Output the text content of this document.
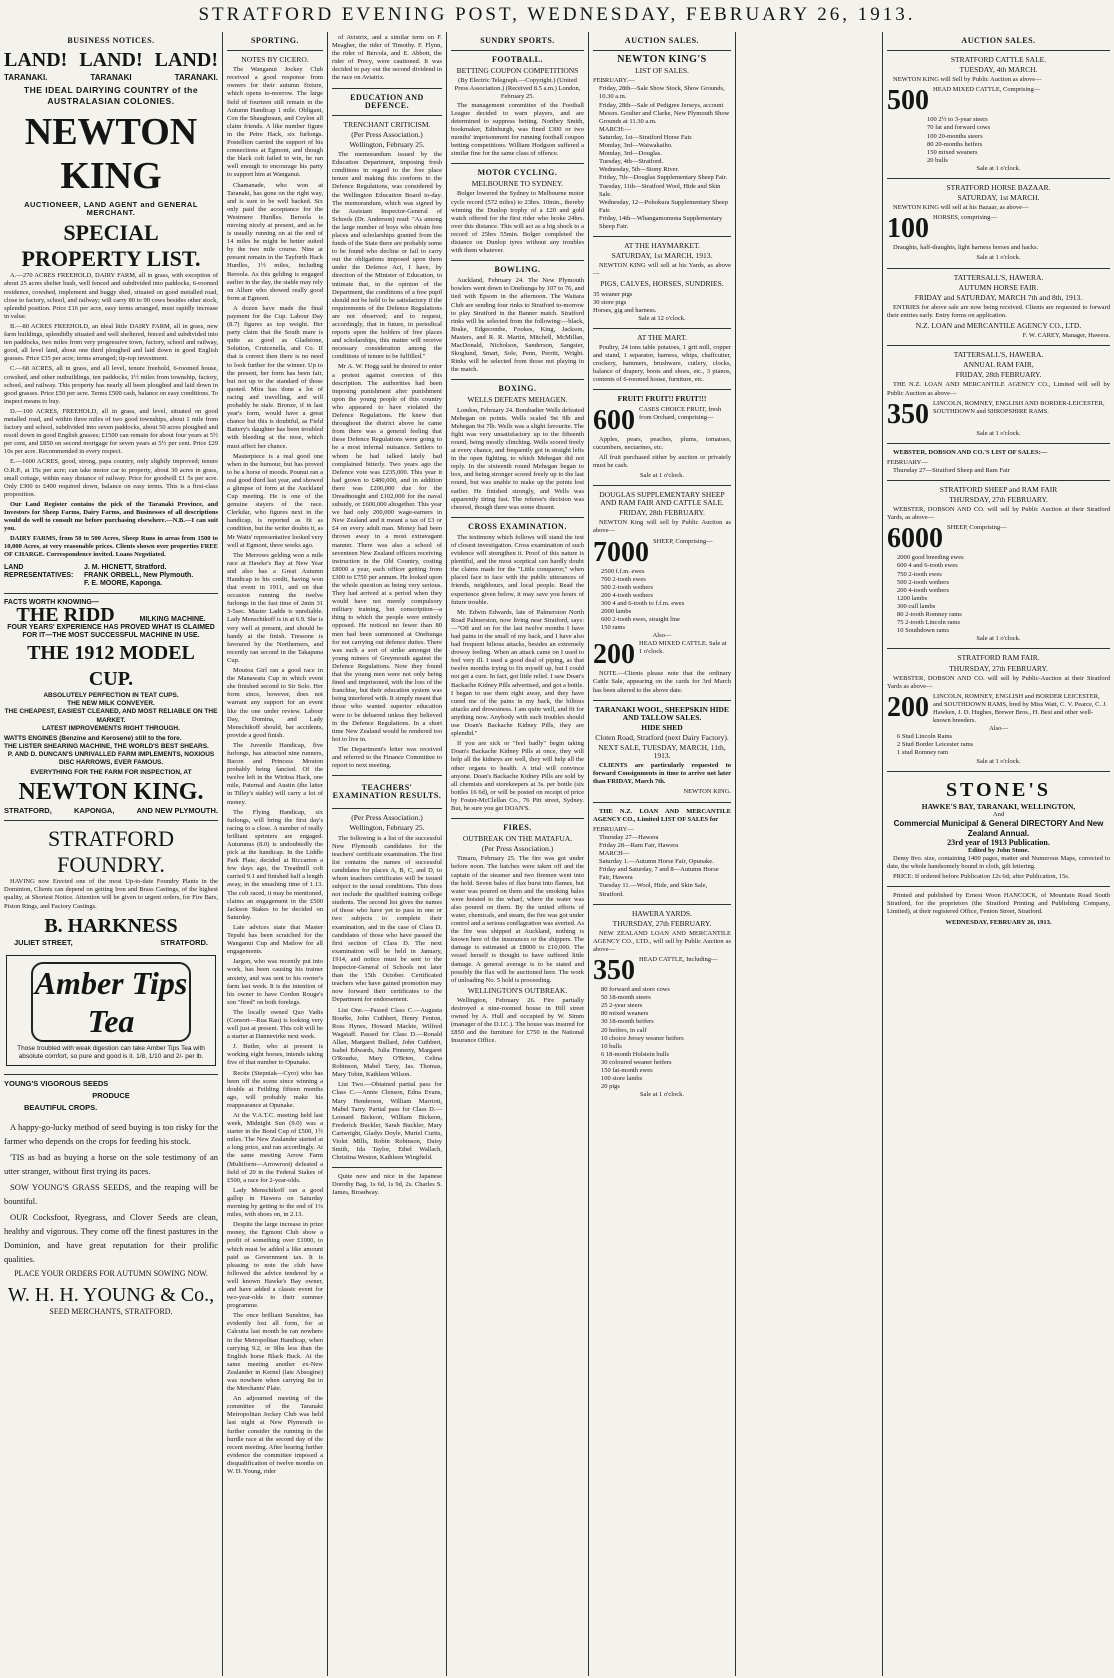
STRATFORD EVENING POST, WEDNESDAY, FEBRUARY 26, 1913.
BUSINESS NOTICES.
LAND! LAND! LAND!
TARANAKI.	TARANAKI	TARANAKI.
THE IDEAL DAIRYING COUNTRY of the AUSTRALASIAN COLONIES.
NEWTON KING
AUCTIONEER, LAND AGENT and GENERAL MERCHANT.
SPECIAL PROPERTY LIST.
A.—270 ACRES FREEHOLD, DAIRY FARM, all in grass, with exception of about 25 acres shelter bush, well fenced and subdivided into paddocks, 6-roomed residence, cowshed, implement and buggy shed, situated on good metalled road, close to factory, school, and railway; will carry 80 to 90 cows besides other stock, splendid position. Price £16 per acre, easy terms arranged, must rapidly increase in value.
B.—80 ACRES FREEHOLD, an ideal little DAIRY FARM, all in grass, new farm buildings, splendidly situated and well sheltered, fenced and subdivided into ten paddocks, two miles from very progressive town, factory, school and railway, good, all level land, about one third ploughed and laid down in good English grasses. Price £35 per acre; terms arranged; tip-top investment.
C.—68 ACRES, all in grass, and all level, tenure freehold, 6-roomed house, cowshed, and other outbuildings, ten paddocks, 1½ miles from township, factory, school, and railway. This property has nearly all been ploughed and laid down in good grasses. Price £50 per acre. Terms £500 cash, balance on easy conditions. To inspect means to buy.
D.—100 ACRES, FREEHOLD, all in grass, and level, situated on good metalled road, and within three miles of two good townships, about 1 mile from factory and school, subdivided into seven paddocks, about 50 acres ploughed and resoil down in good English grasses; £1500 can remain for about four years at 5½ per cent, and £850 on second mortgage for seven years at 5½ per cent. Price £29 10s per acre. Recommended in every respect.
E.—1600 ACRES, good, strong, papa country, only slightly improved; tenure O.R.P., at 15s per acre; can take motor car to property, about 30 acres in grass, small cottage, within easy distance of railway. Price for goodwill £1 5s per acre. Only £300 to £400 required down, balance on easy terms. This is a first-class proposition.
Our Land Register contains the pick of the Taranaki Province, and Investors for Sheep Farms, Dairy Farms, and Businesses of all descriptions would do well to consult me before purchasing elsewhere.—N.B.—I can suit you.
DAIRY FARMS, from 50 to 500 Acres, Sheep Runs in areas from 1500 to 10,000 Acres, at very reasonable prices. Clients shown over properties FREE OF CHARGE. Correspondence invited. Loans Negotiated.
LAND REPRESENTATIVES:
J. M. HICNETT, Stratford.
FRANK ORBELL, New Plymouth.
F. E. MOORE, Kaponga.
FACTS WORTH KNOWING—
THE RIDD	MILKING MACHINE.
FOUR YEARS' EXPERIENCE HAS PROVED WHAT IS CLAIMED FOR IT—THE MOST SUCCESSFUL MACHINE IN USE.
THE 1912 MODEL CUP.
ABSOLUTELY PERFECTION IN TEAT CUPS.
THE NEW MILK CONVEYER.
THE CHEAPEST, EASIEST CLEANED, AND MOST RELIABLE ON THE MARKET.
LATEST IMPROVEMENTS RIGHT THROUGH.
WATTS ENGINES (Benzine and Kerosene) still to the fore.
THE LISTER SHEARING MACHINE, THE WORLD'S BEST SHEARS.
P. AND D. DUNCAN'S UNRIVALLED FARM IMPLEMENTS, NOXIOUS DISC HARROWS, EVER FAMOUS.
EVERYTHING FOR THE FARM FOR INSPECTION, AT
NEWTON KING.
STRATFORD,	KAPONGA,	AND NEW PLYMOUTH.
STRATFORD FOUNDRY.
HAVING now Erected one of the most Up-to-date Foundry Plants in the Dominion, Clients can depend on getting Iron and Brass Castings, of the highest quality, at Shortest Notice. Attention will be given to urgent orders, for Fire Bars, Piston Rings, and Factory Castings.
B. HARKNESS
JULIET STREET,	STRATFORD.
Amber Tips Tea
Those troubled with weak digestion can take Amber Tips Tea with absolute comfort, so pure and good is it. 1/8, 1/10 and 2/- per lb.
YOUNG'S VIGOROUS SEEDS
PRODUCE
BEAUTIFUL CROPS.
A happy-go-lucky method of seed buying is too risky for the farmer who depends on the crops for feeding his stock.
'TIS as bad as buying a horse on the sole testimony of an utter stranger, without first trying its paces.
SOW YOUNG'S GRASS SEEDS, and the reaping will be bountiful.
OUR Cocksfoot, Ryegrass, and Clover Seeds are clean, healthy and vigorous. They come off the finest pastures in the Dominion, and have great reputation for their prolific qualities.
PLACE YOUR ORDERS FOR AUTUMN SOWING NOW.
W. H. H. YOUNG & Co.,
SEED MERCHANTS, STRATFORD.
SPORTING.
NOTES BY CICERO.
The Wanganui Jockey Club received a good response from owners for their autumn fixture, which opens to-morrow. The large field of fourteen still remain in the Autumn Handicap 1 mile. Obligant, Con the Shaughraun, and Ceylon all claim friends. A like number figure in the Petre Hack, six furlongs. Postellion carried the support of his connections at Egmont, and though the black colt failed to win, he ran well enough to encourage his party to support him at Wanganui.
Chamanade, who won at Taranaki, has gone on the right way, and is sure to be well backed. Six only paid the acceptance for the Westmere Hurdles. Beroola is moving nicely at present, and as he is usually running on at the end of 14 miles he might be better suited by the two mile course. Nine at present remain in the Tayforth Hack Hurdles, 1½ miles, including Beroola. As this gelding is engaged earlier in the day, the stable may rely on Allure who showed really good form at Egmont.
A dozen have made the final payment for the Cup. Labour Day (8.7) figures as top weight. Her party claim that the South mare is quite as good as Gladstone, Solution, Cruicenella, and Co. If that is correct then there is no need to look further for the winner. Up to the present, her form has been fair, but not up to the standard of those quoted. Mira has done a lot of racing and travelling, and will probably be stale. Bronze, if in last year's form, would have a great chance but this is doubtful, as Field Battery's daughter has been troubled with bleeding at the nose, which must affect her chance.
Masterpiece is a real good one when in the humour, but has proved to be a horse of moods. Pounui ran a real good third last year, and showed a glimpse of form at the Auckland Cup meeting. He is one of the genuine stayers of the race. Clerkdar, who figures next in the handicap, is reported as fit as condition, but the writer doubts it, as Mr Watts' representative looked very well at Egmont, three weeks ago.
The Merrows gelding won a mile race at Hawke's Bay at New Year and also has a Great Autumn Handicap to his credit, having won that event in 1911, and on that occasion running the twelve furlongs in the fast time of 2min 31 3-5sec. Master Ladde is unreliable. Lady Menschikoff is in at 6.9. She is very well at present, and should be handy at the finish. Tressone is favoured by the Northerners, and recently ran second in the Takapuna Cup.
Moutoa Girl ran a good race in the Manawatu Cup in which event she finished second to Sir Solo. Her form since, however, does not warrant any support for an event like the one under review. Labour Day, Domina, and Lady Menschikoff should, bar accidents, provide a good finish.
The Juvenile Handicap, five furlongs, has attracted nine runners, Bacon and Princess Mouton probably being fancied. Of the twelve left in the Wiritoa Hack, one mile, Paternal and Austin (the latter in Tilley's stable) will carry a lot of money.
The Flying Handicap, six furlongs, will bring the first day's racing to a close. A number of really brilliant sprinters are engaged. Autumnus (8.0) is undoubtedly the pick at the handicap. In the Liddle Park Plate, decided at Riccarton a few days ago, the Treadmill colt carried 9.1 and finished half a length away, in the smashing time of 1.13. The colt raced, it may be mentioned, claims an engagement in the £500 Jackson Stakes to be decided on Saturday.
Late advices state that Master Tepuhi has been scratched for the Wanganui Cup and Matlow for all engagements.
Jargon, who was recently put into work, has been causing his trainer anxiety, and was sent to his owner's farm last week. It is the intention of his owner to have Cordon Rouge's son "fired" on both forelegs.
The locally owned Quo Vadis (Consort—Rua Rau) is looking very well just at present. This colt will be a starter at Dannevirke next week.
J. Butler, who at present is working eight horses, intends taking five of that number to Opunake.
Recite (Stepniak—Cyro) who has been off the scene since winning a double at Feilding fifteen months ago, will probably make his reappearance at Opunake.
At the V.A.T.C. meeting held last week, Midnight Sun (9.0) was a starter in the Bond Cup of £500, 1½ miles. The New Zealander started at a long price, and ran accordingly. At the same meeting Arrow Farm (Multiform—Arrowroot) defeated a field of 20 in the Federal Stakes of £500, a race for 2-year-olds.
Lady Menschikoff ran a good gallop in Hawera on Saturday morning by getting to the end of 1¼ miles, with shoes on, in 2.13.
Despite the large increase in prize money, the Egmont Club show a profit of something over £1000, to which must be added a like amount paid as Government tax. It is pleasing to note the club have followed the advice tendered by a well known Hawke's Bay owner, and have added a classic event for two-year-olds to their summer programme.
The once brilliant Sunshine, has evidently lost all form, for at Calcutta last month he ran nowhere in the Metropolitan Handicap, when carrying 9.2, or 9lbs less than the English horse Black Buck. At the same meeting another ex-New Zealander in Kernel (late Absogine) was nowhere when carrying 8st in the Merchants' Plate.
An adjourned meeting of the committee of the Taranaki Metropolitan Jockey Club was held last night at New Plymouth to further consider the running in the hurdle race at the second day of the recent meeting. After hearing further evidence the committee imposed a disqualification of twelve months on W. D. Young, rider
of Avistrix, and a similar term on F. Meagher, the rider of Timothy. F. Flynn, the rider of Bercola, and E. Abbott, the rider of Precy, were cautioned. It was decided to pay out the second dividend in the race on Aviatrix.
EDUCATION AND DEFENCE.
TRENCHANT CRITICISM.
(Per Press Association.)
Wellington, February 25.
The memorandum issued by the Education Department, imposing fresh conditions in regard to the free place tenure and making this conform to the Defence Regulations, was considered by the Wellington Education Board to-day. The memorandum, which was signed by the Assistant Inspector-General of Schools (Dr. Anderson) read: "As among the large number of boys who obtain free places and scholarships granted from the funds of the State there are probably some to be found who decline or fail to carry out the obligations imposed upon them under the Defence Act, I have, by direction of the Minister of Education, to intimate that, in the opinion of the Department, the conditions of a free pupil should not be held to be satisfactory if the requirements of the Defence Regulations are not observed; and to request, accordingly, that in future, in periodical reports upon the holders of free places and scholarships, this matter will receive necessary consideration among the conditions of tenure to be fulfilled."
Mr A. W. Hogg said he desired to enter a protest against coercion of this description. The authorities had been imposing punishment after punishment upon the young people of this country who appeared to have violated the Defence Regulations. He knew that throughout the district above he came from there was a general feeling that these Defence Regulations were going to be a most infernal nuisance. Settlers to whom he had talked lately had complained bitterly. Two years ago the Defence vote was £235,000. This year it had grown to £480,000, and in addition there was £200,000 due for the Dreadnought and £102,000 for the naval subsidy, or £600,000 altogether. This year we had only 200,000 wage-earners in New Zealand and it meant a tax of £3 or £4 on every adult man. Money had been thrown away in a most extravagant manner. There was also a school of seventeen New Zealand officers receiving instruction in the Old Country, costing £8000 a year, each officer getting from £300 to £750 per annum. He looked upon the whole question as being very serious. They had arrived at a period when they would have not merely compulsory military training, but conscription—a thing to which the people were entirely opposed. He noticed no fewer than 80 men had been summoned at Onehunga for not carrying out defence duties. There was such a sort of strike amongst the young miners of Greymouth against the Defence Regulations. Now they found that the young men were not only being fined and imprisoned, with the loss of the franchise, but their education system was being interfered with. It simply meant that those who wanted superior education were to be debarred unless they believed in the Defence Regulations. In a short time New Zealand would be rendered too hot to live in.
The Department's letter was received and referred to the Finance Committee to report to next meeting.
TEACHERS' EXAMINATION RESULTS.
(Per Press Association.)
Wellington, February 25.
The following is a list of the successful New Plymouth candidates for the teachers' certificate examination. The first list contains the names of successful candidates for places A, B, C, and D, to whom teachers certificates will be issued subject to the usual conditions. This does not include the qualified training college students. The second list gives the names of those who have yet to pass in one or two subjects to complete their examination, and in the case of Class D. candidates of those who have passed the first section of Class D. The next examination will be held in January, 1914, and notice must be sent to the Inspector-General of Schools not later than the 15th October. Certificated teachers who have gained promotion may now forward their certificates to the Department for endorsement.
List One.—Passed Class C.—Augusta Bourke, John Cuthbert, Henry Fenton, Ross Hynes, Howard Mackie, Wilfred Wagstaff. Passed for Class D.—Ronald Allan, Margaret Bullard, John Cuthbert, Isabel Edwards, Julia Finnerty, Margaret O'Rourke, Mary O'Brien, Celina Robinson, Mabel Tarry, Jas. Thomas, Mary Tobin, Kathleen Wilson.
List Two.—Obtained partial pass for Class C.—Annie Clenson, Edna Evans, Mary Henderson, William Marriott, Mabel Tarry. Partial pass for Class D.—Leonard Bickeon, William Bickeon, Frederick Buckler, Sarah Buckler, Mary Cartwright, Gladys Doyle, Muriel Curtis, Violet Mills, Robin Robinson, Daisy Smith, Ida Taylor, Ethel Wallach, Christina Weston, Kathleen Wingfield.
Quite new and nice in the Japanese Dorothy Bag, 1s 6d, 1s 9d, 2s. Charles S. James, Broadway.
SUNDRY SPORTS.
FOOTBALL.
BETTING COUPON COMPETITIONS
(By Electric Telegraph.—Copyright.) (United Press Association.) (Received 8.5 a.m.) London, February 25.
The management committee of the Football League decided to warn players, and are determined to suppress betting. Northey Smith, bookmaker, Edinburgh, was fined £300 or two months' imprisonment for running football coupon betting competitions. William Hodgson suffered a similar fine for the same class of offence.
MOTOR CYCLING.
MELBOURNE TO SYDNEY.
Bolger lowered the Sydney to Melbourne motor cycle record (572 miles) to 23hrs. 10min., thereby winning the Dunlop trophy of a £20 and gold watch offered for the first rider who broke 24hrs. over this distance. This will act as a big shock to a record of 25hrs 55min. Bolger completed the distance on Dunlop tyres without any troubles with them whatever.
BOWLING.
Auckland, February 24. The New Plymouth bowlers went down to Onehunga by 107 to 76, and tied with Epsom in the afternoon. The Waitara Club are sending four rinks to Stratford to-morrow to play Stratford in the Banner match. Stratford rinks will be selected from the following:—black, Brake, Edgecombe, Fookes, King, Jackson, Masters, and R. R. Martin, Mitchell, McMillan, MacDonald, Nicholson, Sanderson, Sangster, Skoglund, Smart, Sole, Penn, Perritt, Wright. Rinks will be selected from those not playing in the match.
BOXING.
WELLS DEFEATS MEHAGEN.
London, February 24. Bombadier Wells defeated Mehegan on points. Wells scaled 9st 9lb and Mehegan 9st 7lb. Wells was a slight favourite. The fight was very unsatisfactory up to the fifteenth round, being mostly clinching. Wells scored freely at every chance, and frequently got in straight lefts in the open fighting, to which Mehegan did not reply. In the sixteenth round Mehegan began to box, and being stronger scored freely up to the last round, but was unable to make up the points lost earlier. He finished strongly, and Wells was apparently tiring fast. The referee's decision was cheered, though there was some dissent.
CROSS EXAMINATION.
The testimony which follows will stand the test of closest investigation. Cross examination of such evidence will strengthen it. Proof of this nature is plentiful, and the most sceptical can hardly doubt the claims made for the "Little conqueror," when placed face to face with the public utterances of friends, neighbours, and local people. Read the experience given below, it may save you hours of future trouble.
Mr. Edwin Edwards, late of Palmerston North Road Palmerston, now living near Stratford, says:—"Off and on for the last twelve months I have had pains in the small of my back, and I have also had frequent bilious attacks, besides an extremely drowsy feeling. When an attack came on I used to feel very ill. I used a good deal of piping, as that twelve months trying to fix myself up, but I could not get a cure. In fact, got little relief. I saw Doan's Backache Kidney Pills advertised, and got a bottle. I began to use them right away, and they have cured me of the pains in my back, the bilious attacks and drowsiness. I am quite well, and fit for anything now. Anybody with such troubles should use Doan's Backache Kidney Pills, they are splendid."
If you are sick or "feel badly" begin taking Doan's Backache Kidney Pills at once, they will help all the kidneys are well, they will help all the other organs to health. A trial will convince anyone. Doan's Backache Kidney Pills are sold by all chemists and storekeepers at 3s. per bottle (six bottles 16 6d), or will be posted on receipt of price by Foster-McClellan Co., 76 Pitt street, Sydney. But, be sure you get DOAN'S.
FIRES.
OUTBREAK ON THE MATAFUA.
(Per Press Association.)
Timaru, February 25. The fire was got under before noon. The hatches were taken off and the captain of the steamer and two firemen went into the hold. Seven bales of flax burst into flames, but water was poured on them and the smoking bales were hoisted to the wharf, where the water was also poured on them. By the united efforts of water, chemicals, and steam, the fire was got under control and a serious conflagration was averted. As the fire was shipped at Auckland, nothing is known here of the insurances or the shippers. The damage is estimated at £8000 to £10,000. The vessel herself is thought to have suffered little damage. A general average is to be stated and possibly the flax will be auctioned here. The work of unloading No. 5 hold is proceeding.
WELLINGTON'S OUTBREAK.
Wellington, February 26. Fire partially destroyed a nine-roomed house in Hill street owned by A. Hull and occupied by W. Simm (manager of the D.I.C.). The house was insured for £850 and the furniture for £750 in the National Insurance Office.
AUCTION SALES.
NEWTON KING'S
LIST OF SALES.
FEBRUARY.—
Friday, 28th—Sale Show Stock, Show Grounds, 10.30 a.m.
Friday, 28th—Sale of Pedigree Jerseys, account Messrs. Goulter and Clarke, New Plymouth Show Grounds at 11.30 a.m.
MARCH:—
Saturday, 1st—Stratford Horse Fair.
Monday, 3rd—Waiwakaiho.
Monday, 3rd—Douglas.
Tuesday, 4th—Stratford.
Wednesday, 5th—Stony River.
Friday, 7th—Douglas Supplementary Sheep Fair.
Tuesday, 11th—Stratford Wool, Hide and Skin Sale.
Wednesday, 12—Pohokura Supplementary Sheep Fair.
Friday, 14th—Whangamomona Supplementary Sheep Fair.
AT THE HAYMARKET.
SATURDAY, 1st MARCH, 1913.
NEWTON KING will sell at his Yards, as above—
PIGS, CALVES, HORSES, SUNDRIES.
35 weaner pigs
30 store pigs
Horses, gig and harness.
Sale at 12 o'clock.
AT THE MART.
Poultry, 24 tons table potatoes, 1 grit mill, copper and stand, 1 separator, harness, whips, chaffcutter, crockery, hammers, brushware, cutlery, clocks, balance of drapery, boots and shoes, etc., 3 pianos, contents of 6-roomed house, furniture, etc.
FRUIT! FRUIT!! FRUIT!!!
600 CASES CHOICE FRUIT, fresh from Orchard, comprising—
Apples, pears, peaches, plums, tomatoes, cucumbers, nectarines, etc.
All fruit purchased either by auction or privately must be cash.
Sale at 1 o'clock.
DOUGLAS SUPPLEMENTARY SHEEP AND RAM FAIR AND CATTLE SALE.
FRIDAY, 28th FEBRUARY.
NEWTON King will sell by Public Auction as above—
7000 SHEEP, Comprising—
2500 f.f.m. ewes
700 2-tooth ewes
500 2-tooth wethers
200 4-tooth wethers
300 4 and 6-tooth to f.f.m. ewes
2000 lambs
600 2-tooth ewes, straight line
150 rams
Also—
200 HEAD MIXED CATTLE. Sale at 1 o'clock.
NOTE.—Clients please note that the ordinary Cattle Sale, appearing on the cards for 3rd March has been altered to the above date.
TARANAKI WOOL, SHEEPSKIN HIDE AND TALLOW SALES.
HIDE SHED
Cloten Road, Stratford (next Dairy Factory).
NEXT SALE, TUESDAY, MARCH, 11th, 1913.
CLIENTS are particularly requested to forward Consignments in time to arrive not later than FRIDAY, March 7th.
NEWTON KING.
THE N.Z. LOAN AND MERCANTILE AGENCY CO., Limited LIST OF SALES for
FEBRUARY—
Thursday 27—Hawera
Friday 28—Ram Fair, Hawera
MARCH—
Saturday 1.—Autumn Horse Fair, Opunake.
Friday and Saturday, 7 and 8—Autumn Horse Fair, Hawera
Tuesday 11.—Wool, Hide, and Skin Sale, Stratford.
HAWERA YARDS.
THURSDAY, 27th FEBRUARY.
NEW ZEALAND LOAN AND MERCANTILE AGENCY CO., LTD., will sell by Public Auction as above—
350 HEAD CATTLE, Including—
80 forward and store cows
50 18-month steers
25 2-year steers
80 mixed weaners
30 18-month heifers
20 heifers, in calf
10 choice Jersey weaner heifers
10 bulls
6 18-month Holstein bulls
30 coloured weaner heifers
150 fat-month ewes
100 store lambs
20 pigs
Sale at 1 o'clock.
AUCTION SALES.
STRATFORD CATTLE SALE.
TUESDAY, 4th MARCH.
NEWTON KING will Sell by Public Auction as above—
500 HEAD MIXED CATTLE, Comprising—
100 2½ to 3-year steers
70 fat and forward cows
100 20-months steers
80 20-months heifers
150 mixed weaners
20 bulls
Sale at 1 o'clock.
STRATFORD HORSE BAZAAR.
SATURDAY, 1st MARCH.
NEWTON KING will sell at his Bazaar, as above—
100 HORSES, comprising—
Draughts, half-draughts, light harness horses and hacks.
Sale at 1 o'clock.
TATTERSALL'S, HAWERA.
AUTUMN HORSE FAIR.
FRIDAY and SATURDAY, MARCH 7th and 8th, 1913.
ENTRIES for above sale are now being received. Clients are requested to forward their entries early. Entry forms on application.
N.Z. LOAN and MERCANTILE AGENCY CO., LTD.
F. W. CAREY, Manager, Hawera.
TATTERSALL'S, HAWERA.
ANNUAL RAM FAIR,
FRIDAY, 28th FEBRUARY.
THE N.Z. LOAN AND MERCANTILE AGENCY CO., Limited will sell by Public Auction as above—
350 LINCOLN, ROMNEY, ENGLISH AND BORDER-LEICESTER, SOUTHDOWN and SHROPSHIRE RAMS.
Sale at 1 o'clock.
WEBSTER, DOBSON AND CO.'S LIST OF SALES:—
FEBRUARY—
Thursday 27—Stratford Sheep and Ram Fair
STRATFORD SHEEP and RAM FAIR
THURSDAY, 27th FEBRUARY.
WEBSTER, DOBSON AND CO. will sell by Public Auction at their Stratford Yards, as above—
6000 SHEEP, Comprising—
2000 good breeding ewes
600 4 and 6-tooth ewes
750 2-tooth ewes
500 2-tooth wethers
200 4-tooth wethers
1200 lambs
300 cull lambs
80 2-tooth Romney rams
75 2-tooth Lincoln rams
10 Southdown rams
Sale at 1 o'clock.
STRATFORD RAM FAIR.
THURSDAY, 27th FEBRUARY.
WEBSTER, DOBSON AND CO. will sell by Public-Auction at their Stratford Yards as above—
200 LINCOLN, ROMNEY, ENGLISH and BORDER LEICESTER, and SOUTHDOWN RAMS, bred by Miss Watt, C. V. Pearce, C. J. Hawken, J. D. Hughes, Brewer Bros., H. Best and other well-known breeders.
Also—
6 Stud Lincoln Rams
2 Stud Border Leicester rams
1 stud Romney ram
Sale at 1 o'clock.
STONE'S
HAWKE'S BAY, TARANAKI, WELLINGTON,
And
Commercial Municipal & General DIRECTORY And New Zealand Annual.
23rd year of 1913 Publication.
Edited by John Stone.
Demy 8vo. size, containing 1400 pages, matter and Numerous Maps, corrected to date, the whole handsomely bound in cloth, gilt lettering.
PRICE: If ordered before Publication 12s 6d; after Publication, 15s.
Printed and published by Ernest Woon HANCOCK, of Mountain Road South Stratford, for the proprietors (the Stratford Printing and Publishing Company, Limited), at their registered Office, Fenton Street, Stratford.
WEDNESDAY, FEBRUARY 26, 1913.
